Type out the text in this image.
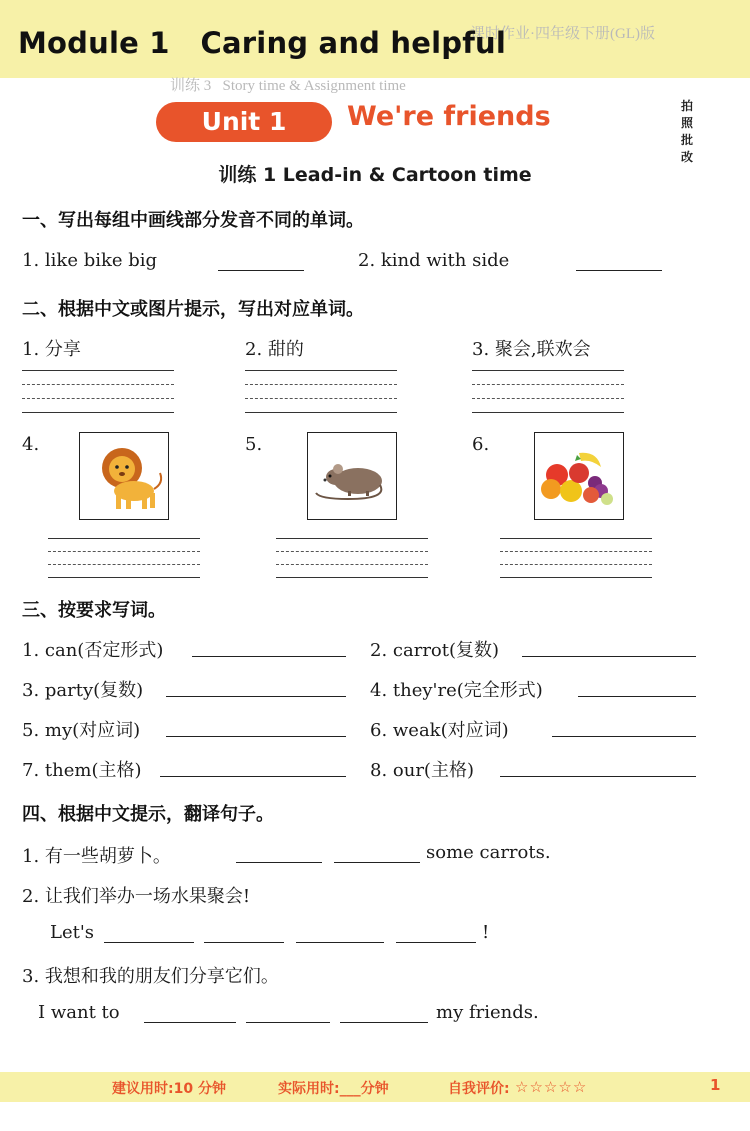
课时作业·四年级下册(GL)版
Module 1   Caring and helpful
训练 3   Story time & Assignment time
Unit 1	We're friends	拍照批改
训练 1 Lead-in & Cartoon time
一、写出每组中画线部分发音不同的单词。
1. like bike big	2. kind with side
二、根据中文或图片提示，写出对应单词。
1. 分享	2. 甜的	3. 聚会,联欢会
4.	5.	6.
三、按要求写词。
1. can(否定形式)	2. carrot(复数)
3. party(复数)	4. they're(完全形式)
5. my(对应词)	6. weak(对应词)
7. them(主格)	8. our(主格)
四、根据中文提示，翻译句子。
1. 有一些胡萝卜。	some carrots.
2. 让我们举办一场水果聚会!
Let's	!
3. 我想和我的朋友们分享它们。
I want to	my friends.
建议用时:10 分钟	实际用时:___分钟	自我评价: ☆☆☆☆☆	1
